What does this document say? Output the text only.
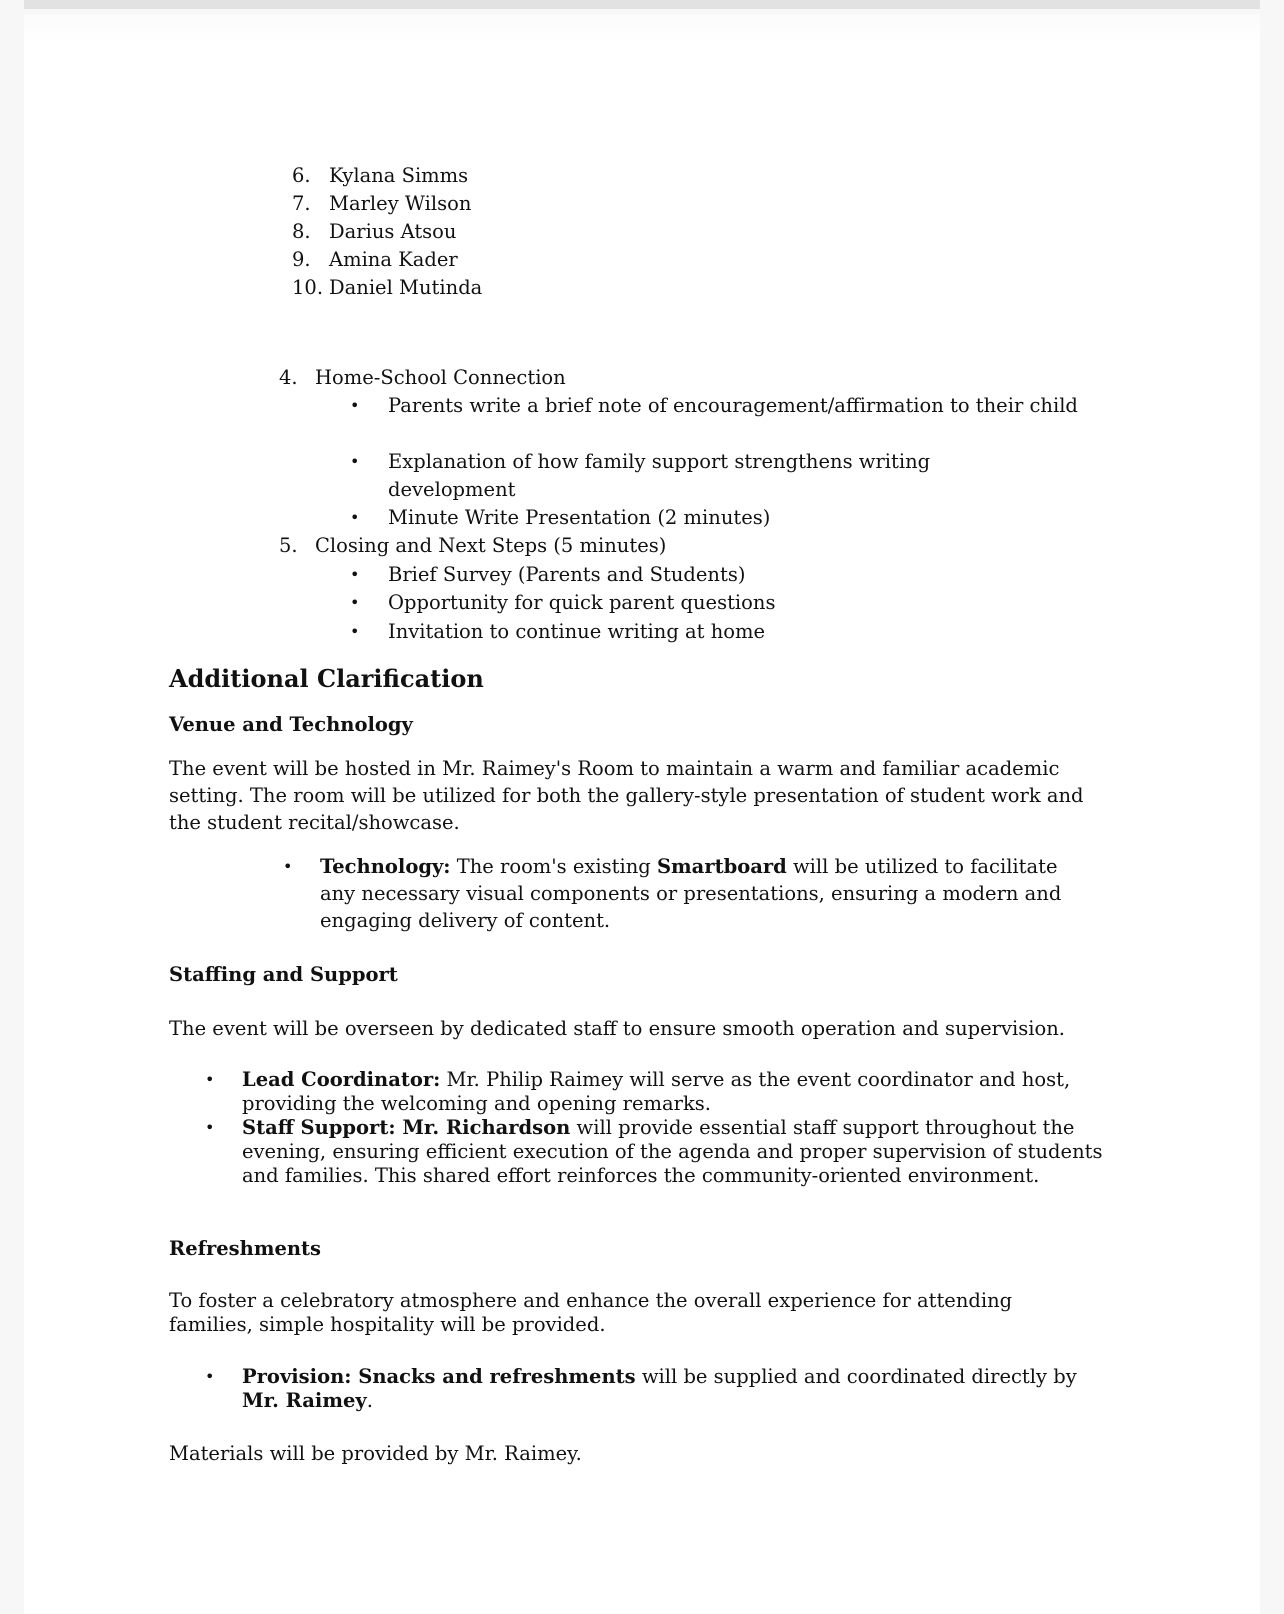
6. Kylana Simms
7. Marley Wilson
8. Darius Atsou
9. Amina Kader
10. Daniel Mutinda
4. Home-School Connection
• Parents write a brief note of encouragement/affirmation to their child
• Explanation of how family support strengthens writing development
• Minute Write Presentation (2 minutes)
5. Closing and Next Steps (5 minutes)
• Brief Survey (Parents and Students)
• Opportunity for quick parent questions
• Invitation to continue writing at home
Additional Clarification
Venue and Technology

The event will be hosted in Mr. Raimey's Room to maintain a warm and familiar academic setting. The room will be utilized for both the gallery-style presentation of student work and the student recital/showcase.

• Technology: The room's existing Smartboard will be utilized to facilitate any necessary visual components or presentations, ensuring a modern and engaging delivery of content.
Staffing and Support

The event will be overseen by dedicated staff to ensure smooth operation and supervision.

• Lead Coordinator: Mr. Philip Raimey will serve as the event coordinator and host, providing the welcoming and opening remarks.
• Staff Support: Mr. Richardson will provide essential staff support throughout the evening, ensuring efficient execution of the agenda and proper supervision of students and families. This shared effort reinforces the community-oriented environment.
Refreshments

To foster a celebratory atmosphere and enhance the overall experience for attending families, simple hospitality will be provided.

• Provision: Snacks and refreshments will be supplied and coordinated directly by Mr. Raimey.

Materials will be provided by Mr. Raimey.
